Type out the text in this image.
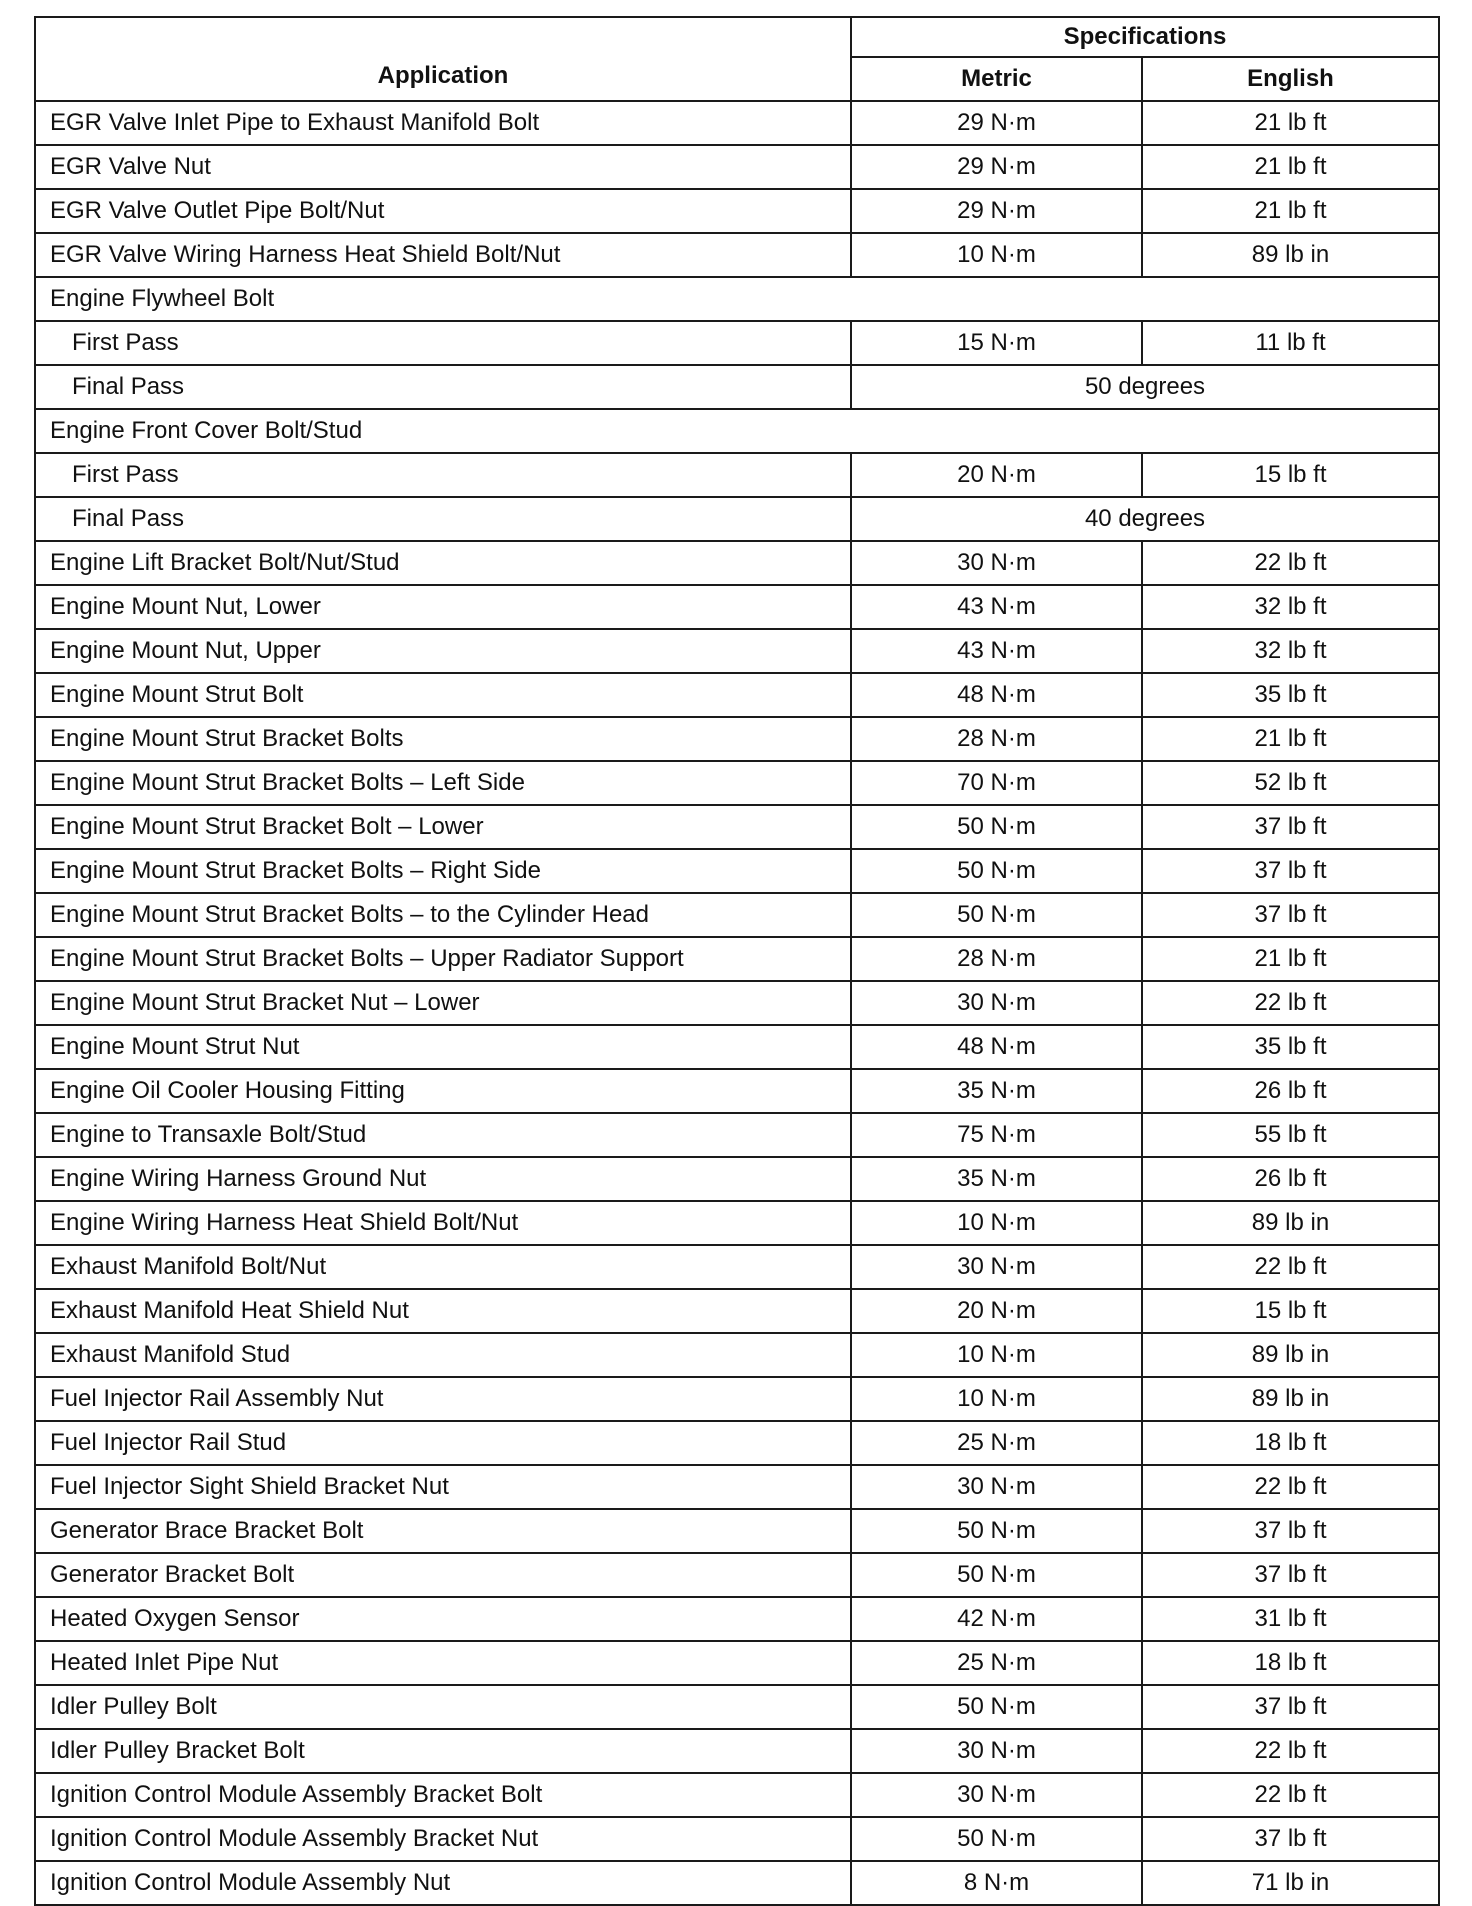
Application	Specifications	
	Metric	English
EGR Valve Inlet Pipe to Exhaust Manifold Bolt	29 N·m	21 lb ft
EGR Valve Nut	29 N·m	21 lb ft
EGR Valve Outlet Pipe Bolt/Nut	29 N·m	21 lb ft
EGR Valve Wiring Harness Heat Shield Bolt/Nut	10 N·m	89 lb in
Engine Flywheel Bolt		
First Pass	15 N·m	11 lb ft
Final Pass	50 degrees	
Engine Front Cover Bolt/Stud		
First Pass	20 N·m	15 lb ft
Final Pass	40 degrees	
Engine Lift Bracket Bolt/Nut/Stud	30 N·m	22 lb ft
Engine Mount Nut, Lower	43 N·m	32 lb ft
Engine Mount Nut, Upper	43 N·m	32 lb ft
Engine Mount Strut Bolt	48 N·m	35 lb ft
Engine Mount Strut Bracket Bolts	28 N·m	21 lb ft
Engine Mount Strut Bracket Bolts – Left Side	70 N·m	52 lb ft
Engine Mount Strut Bracket Bolt – Lower	50 N·m	37 lb ft
Engine Mount Strut Bracket Bolts – Right Side	50 N·m	37 lb ft
Engine Mount Strut Bracket Bolts – to the Cylinder Head	50 N·m	37 lb ft
Engine Mount Strut Bracket Bolts – Upper Radiator Support	28 N·m	21 lb ft
Engine Mount Strut Bracket Nut – Lower	30 N·m	22 lb ft
Engine Mount Strut Nut	48 N·m	35 lb ft
Engine Oil Cooler Housing Fitting	35 N·m	26 lb ft
Engine to Transaxle Bolt/Stud	75 N·m	55 lb ft
Engine Wiring Harness Ground Nut	35 N·m	26 lb ft
Engine Wiring Harness Heat Shield Bolt/Nut	10 N·m	89 lb in
Exhaust Manifold Bolt/Nut	30 N·m	22 lb ft
Exhaust Manifold Heat Shield Nut	20 N·m	15 lb ft
Exhaust Manifold Stud	10 N·m	89 lb in
Fuel Injector Rail Assembly Nut	10 N·m	89 lb in
Fuel Injector Rail Stud	25 N·m	18 lb ft
Fuel Injector Sight Shield Bracket Nut	30 N·m	22 lb ft
Generator Brace Bracket Bolt	50 N·m	37 lb ft
Generator Bracket Bolt	50 N·m	37 lb ft
Heated Oxygen Sensor	42 N·m	31 lb ft
Heated Inlet Pipe Nut	25 N·m	18 lb ft
Idler Pulley Bolt	50 N·m	37 lb ft
Idler Pulley Bracket Bolt	30 N·m	22 lb ft
Ignition Control Module Assembly Bracket Bolt	30 N·m	22 lb ft
Ignition Control Module Assembly Bracket Nut	50 N·m	37 lb ft
Ignition Control Module Assembly Nut	8 N·m	71 lb in
